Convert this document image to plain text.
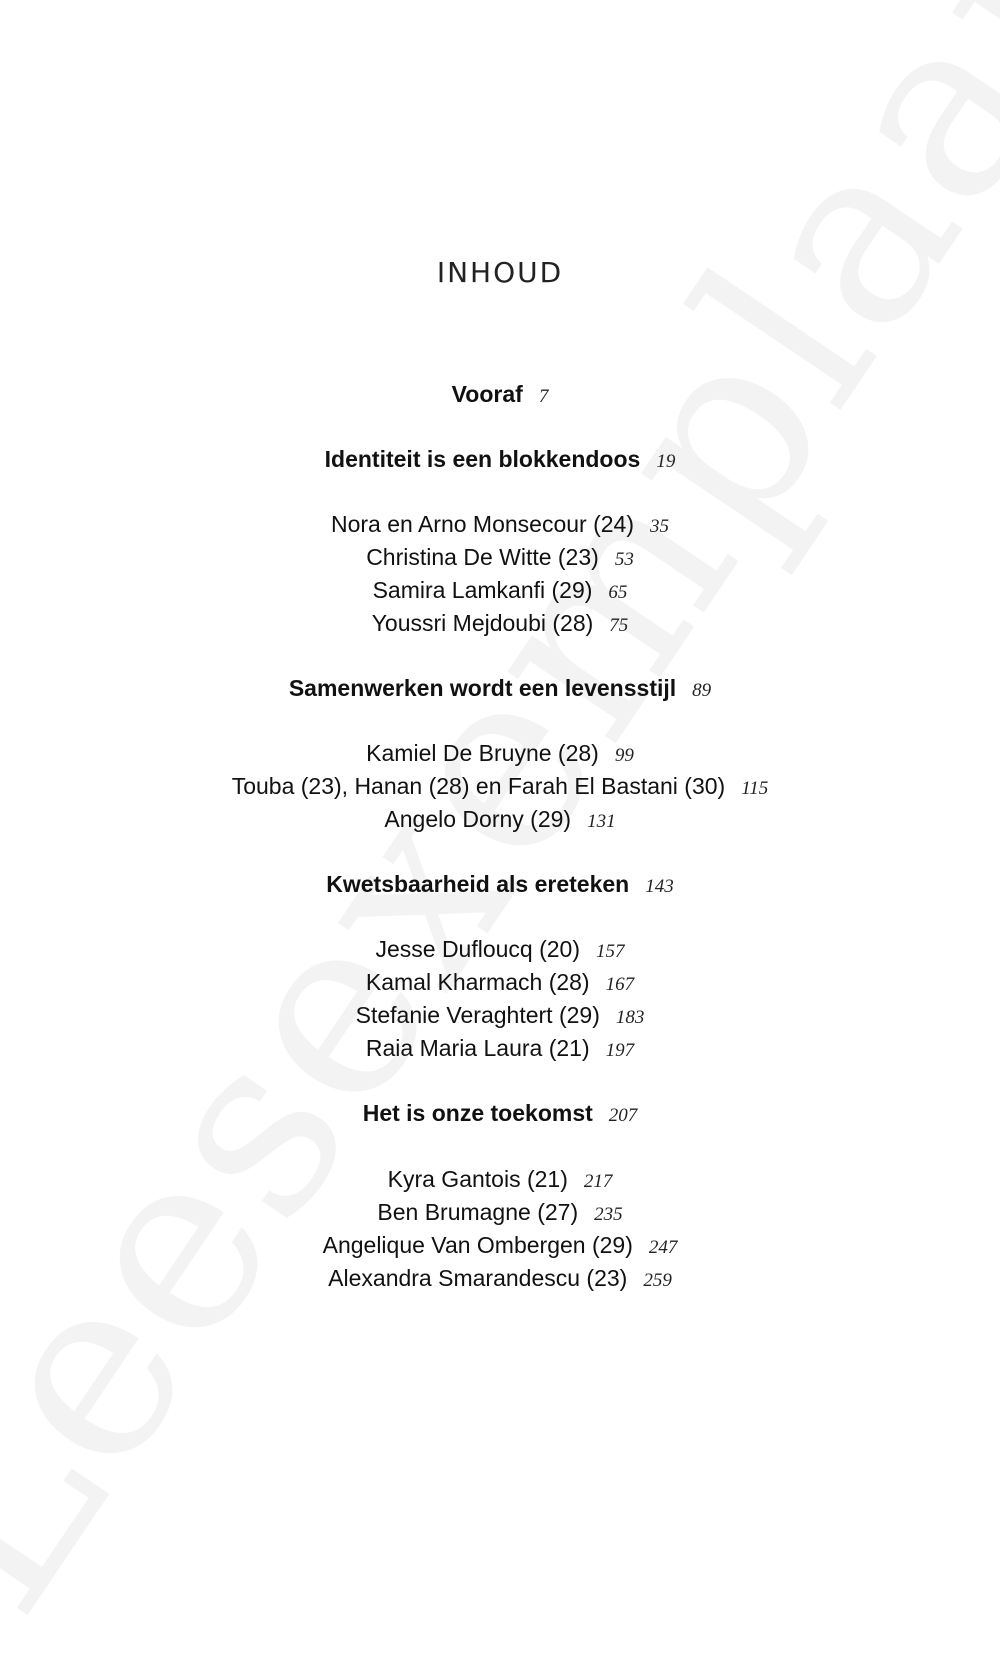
INHOUD
Vooraf 7
Identiteit is een blokkendoos 19
Nora en Arno Monsecour (24) 35
Christina De Witte (23) 53
Samira Lamkanfi (29) 65
Youssri Mejdoubi (28) 75
Samenwerken wordt een levensstijl 89
Kamiel De Bruyne (28) 99
Touba (23), Hanan (28) en Farah El Bastani (30) 115
Angelo Dorny (29) 131
Kwetsbaarheid als ereteken 143
Jesse Dufloucq (20) 157
Kamal Kharmach (28) 167
Stefanie Veraghtert (29) 183
Raia Maria Laura (21) 197
Het is onze toekomst 207
Kyra Gantois (21) 217
Ben Brumagne (27) 235
Angelique Van Ombergen (29) 247
Alexandra Smarandescu (23) 259
